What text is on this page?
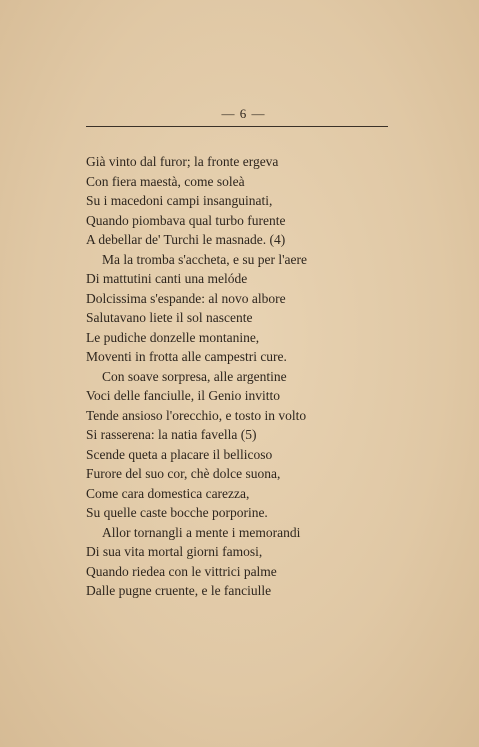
— 6 —
Già vinto dal furor; la fronte ergeva
Con fiera maestà, come soleà
Su i macedoni campi insanguinati,
Quando piombava qual turbo furente
A debellar de' Turchi le masnade. (4)
Ma la tromba s'accheta, e su per l'aere
Di mattutini canti una melóde
Dolcissima s'espande: al novo albore
Salutavano liete il sol nascente
Le pudiche donzelle montanine,
Moventi in frotta alle campestri cure.
Con soave sorpresa, alle argentine
Voci delle fanciulle, il Genio invitto
Tende ansioso l'orecchio, e tosto in volto
Si rasserena: la natia favella (5)
Scende queta a placare il bellicoso
Furore del suo cor, chè dolce suona,
Come cara domestica carezza,
Su quelle caste bocche porporine.
Allor tornangli a mente i memorandi
Di sua vita mortal giorni famosi,
Quando riedea con le vittrici palme
Dalle pugne cruente, e le fanciulle
